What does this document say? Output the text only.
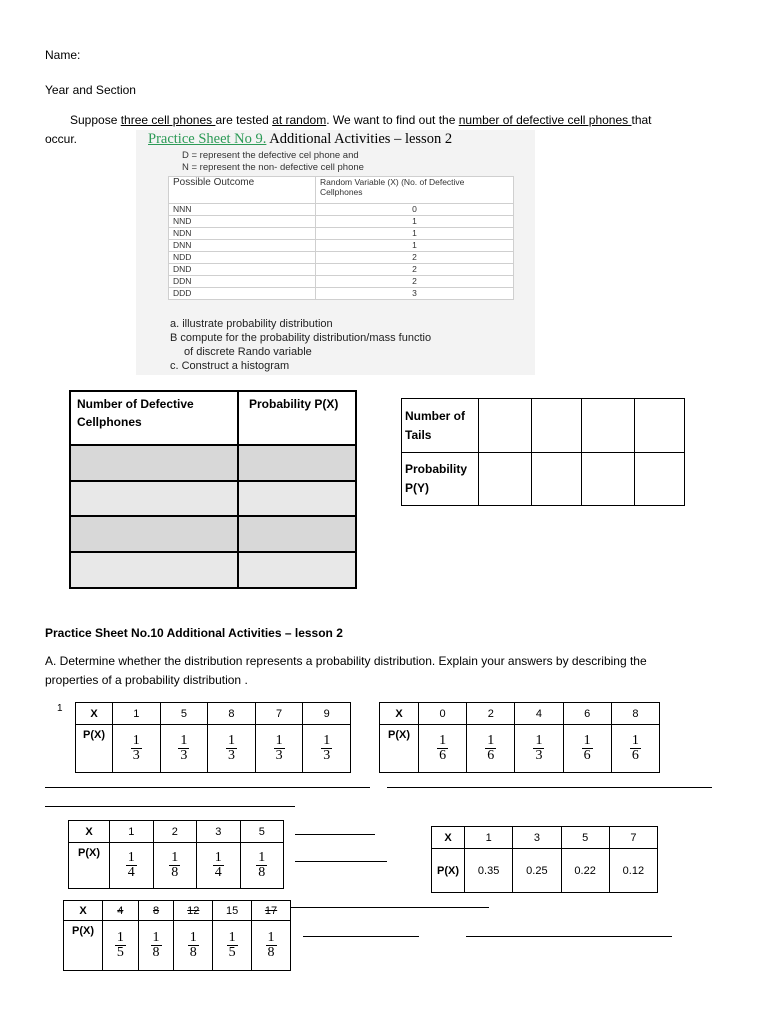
Name:
Year and Section
Suppose three cell phones are tested at random. We want to find out the number of defective cell phones that
occur.	Practice Sheet No 9. Additional Activities – lesson 2
D = represent the defective cel phone and
N = represent the non- defective cell phone
Possible Outcome	Random Variable (X) (No. of Defective Cellphones
NNN	0
NND	1
NDN	1
DNN	1
NDD	2
DND	2
DDN	2
DDD	3
a. illustrate probability distribution
B compute for the probability distribution/mass functio
of discrete Rando variable
c. Construct a histogram
Number of Defective Cellphones	Probability P(X)

Number of Tails				
Probability P(Y)				
Practice Sheet No.10 Additional Activities – lesson 2
A. Determine whether the distribution represents a probability distribution. Explain your answers by describing the
properties of a probability distribution .
1	X	1	5	8	7	9
P(X)	$\frac{1}{3}$	$\frac{1}{3}$	$\frac{1}{3}$	$\frac{1}{3}$	$\frac{1}{3}$
X	0	2	4	6	8
P(X)	$\frac{1}{6}$	$\frac{1}{6}$	$\frac{1}{3}$	$\frac{1}{6}$	$\frac{1}{6}$
X	1	2	3	5
P(X)	$\frac{1}{4}$	$\frac{1}{8}$	$\frac{1}{4}$	$\frac{1}{8}$
X	1	3	5	7
P(X)	0.35	0.25	0.22	0.12
X	4	8	12	15	17
P(X)	$\frac{1}{5}$	$\frac{1}{8}$	$\frac{1}{8}$	$\frac{1}{5}$	$\frac{1}{8}$
